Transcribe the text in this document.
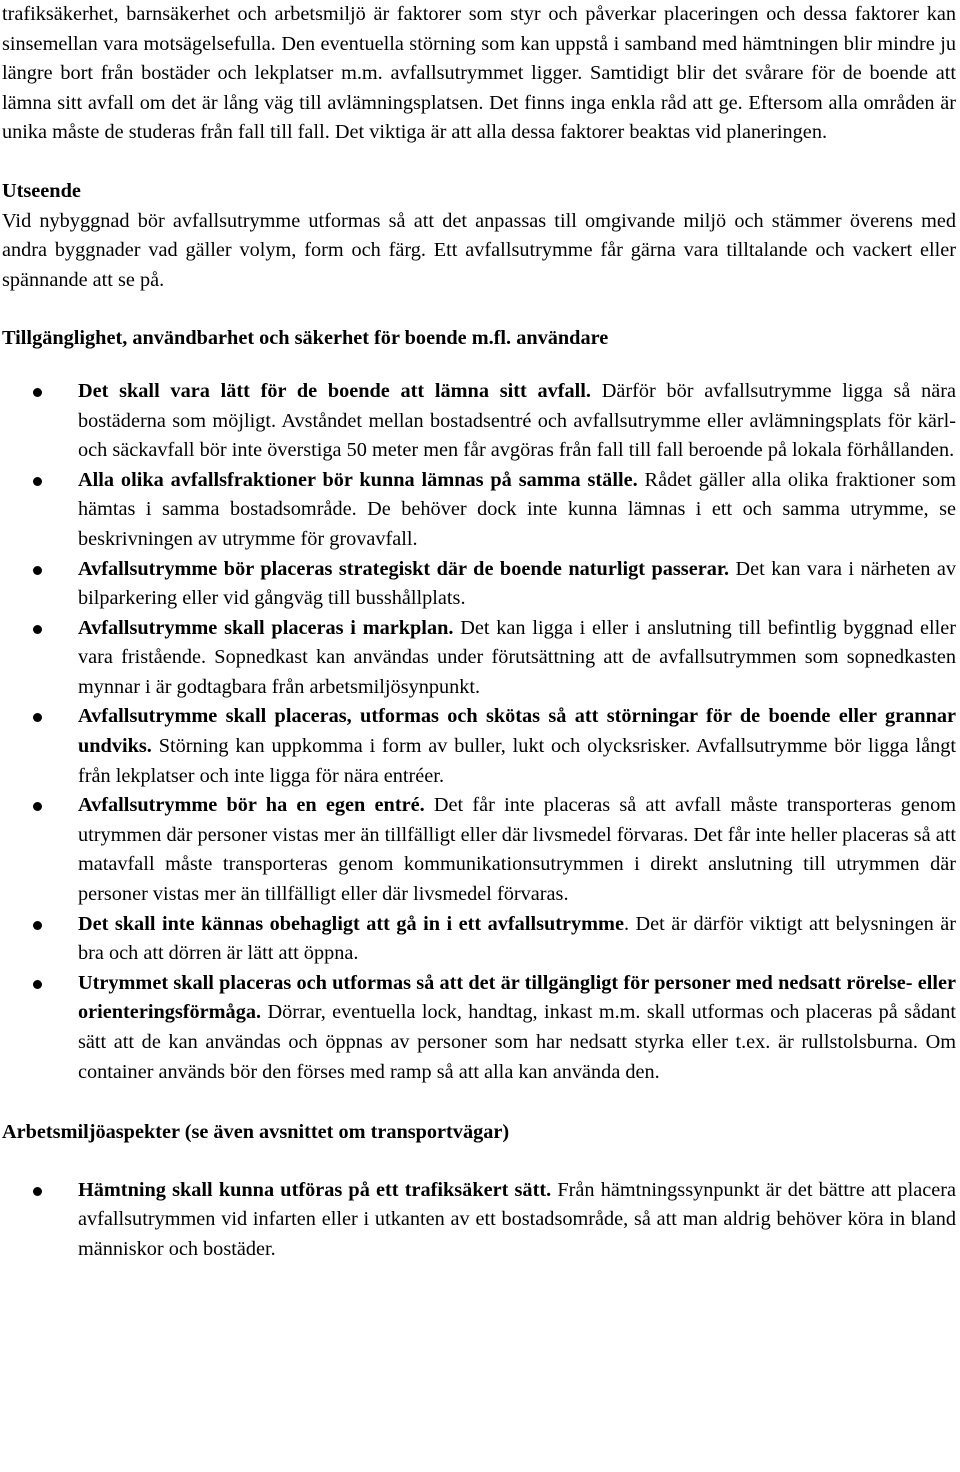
trafiksäkerhet, barnsäkerhet och arbetsmiljö är faktorer som styr och påverkar placeringen och dessa faktorer kan sinsemellan vara motsägelsefulla. Den eventuella störning som kan uppstå i samband med hämtningen blir mindre ju längre bort från bostäder och lekplatser m.m. avfallsutrymmet ligger. Samtidigt blir det svårare för de boende att lämna sitt avfall om det är lång väg till avlämningsplatsen. Det finns inga enkla råd att ge. Eftersom alla områden är unika måste de studeras från fall till fall. Det viktiga är att alla dessa faktorer beaktas vid planeringen.

Utseende

Vid nybyggnad bör avfallsutrymme utformas så att det anpassas till omgivande miljö och stämmer överens med andra byggnader vad gäller volym, form och färg. Ett avfallsutrymme får gärna vara tilltalande och vackert eller spännande att se på.

Tillgänglighet, användbarhet och säkerhet för boende m.fl. användare

Det skall vara lätt för de boende att lämna sitt avfall. Därför bör avfallsutrymme ligga så nära bostäderna som möjligt. Avståndet mellan bostadsentré och avfallsutrymme eller avlämningsplats för kärl- och säckavfall bör inte överstiga 50 meter men får avgöras från fall till fall beroende på lokala förhållanden.
Alla olika avfallsfraktioner bör kunna lämnas på samma ställe. Rådet gäller alla olika fraktioner som hämtas i samma bostadsområde. De behöver dock inte kunna lämnas i ett och samma utrymme, se beskrivningen av utrymme för grovavfall.
Avfallsutrymme bör placeras strategiskt där de boende naturligt passerar. Det kan vara i närheten av bilparkering eller vid gångväg till busshållplats.
Avfallsutrymme skall placeras i markplan. Det kan ligga i eller i anslutning till befintlig byggnad eller vara fristående. Sopnedkast kan användas under förutsättning att de avfallsutrymmen som sopnedkasten mynnar i är godtagbara från arbetsmiljösynpunkt.
Avfallsutrymme skall placeras, utformas och skötas så att störningar för de boende eller grannar undviks. Störning kan uppkomma i form av buller, lukt och olycksrisker. Avfallsutrymme bör ligga långt från lekplatser och inte ligga för nära entréer.
Avfallsutrymme bör ha en egen entré. Det får inte placeras så att avfall måste transporteras genom utrymmen där personer vistas mer än tillfälligt eller där livsmedel förvaras. Det får inte heller placeras så att matavfall måste transporteras genom kommunikationsutrymmen i direkt anslutning till utrymmen där personer vistas mer än tillfälligt eller där livsmedel förvaras.
Det skall inte kännas obehagligt att gå in i ett avfallsutrymme. Det är därför viktigt att belysningen är bra och att dörren är lätt att öppna.
Utrymmet skall placeras och utformas så att det är tillgängligt för personer med nedsatt rörelse- eller orienteringsförmåga. Dörrar, eventuella lock, handtag, inkast m.m. skall utformas och placeras på sådant sätt att de kan användas och öppnas av personer som har nedsatt styrka eller t.ex. är rullstolsburna. Om container används bör den förses med ramp så att alla kan använda den.

Arbetsmiljöaspekter (se även avsnittet om transportvägar)

Hämtning skall kunna utföras på ett trafiksäkert sätt. Från hämtningssynpunkt är det bättre att placera avfallsutrymmen vid infarten eller i utkanten av ett bostadsområde, så att man aldrig behöver köra in bland människor och bostäder.
